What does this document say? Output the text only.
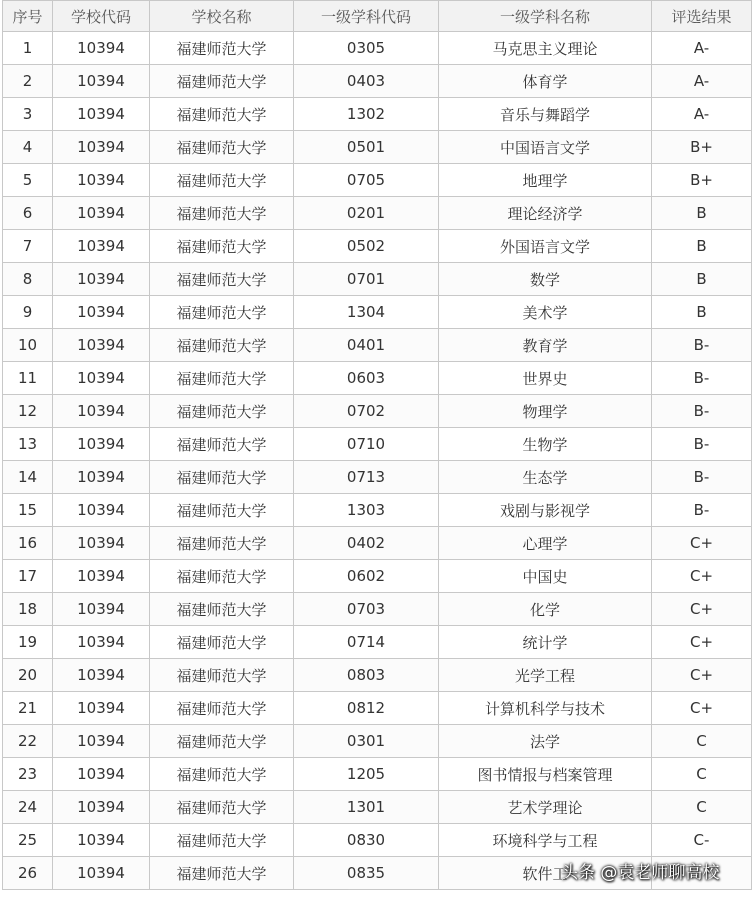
序号	学校代码	学校名称	一级学科代码	一级学科名称	评选结果
1	10394	福建师范大学	0305	马克思主义理论	A-
2	10394	福建师范大学	0403	体育学	A-
3	10394	福建师范大学	1302	音乐与舞蹈学	A-
4	10394	福建师范大学	0501	中国语言文学	B+
5	10394	福建师范大学	0705	地理学	B+
6	10394	福建师范大学	0201	理论经济学	B
7	10394	福建师范大学	0502	外国语言文学	B
8	10394	福建师范大学	0701	数学	B
9	10394	福建师范大学	1304	美术学	B
10	10394	福建师范大学	0401	教育学	B-
11	10394	福建师范大学	0603	世界史	B-
12	10394	福建师范大学	0702	物理学	B-
13	10394	福建师范大学	0710	生物学	B-
14	10394	福建师范大学	0713	生态学	B-
15	10394	福建师范大学	1303	戏剧与影视学	B-
16	10394	福建师范大学	0402	心理学	C+
17	10394	福建师范大学	0602	中国史	C+
18	10394	福建师范大学	0703	化学	C+
19	10394	福建师范大学	0714	统计学	C+
20	10394	福建师范大学	0803	光学工程	C+
21	10394	福建师范大学	0812	计算机科学与技术	C+
22	10394	福建师范大学	0301	法学	C
23	10394	福建师范大学	1205	图书情报与档案管理	C
24	10394	福建师范大学	1301	艺术学理论	C
25	10394	福建师范大学	0830	环境科学与工程	C-
26	10394	福建师范大学	0835	软件工	
头条 @袁老师聊高校
